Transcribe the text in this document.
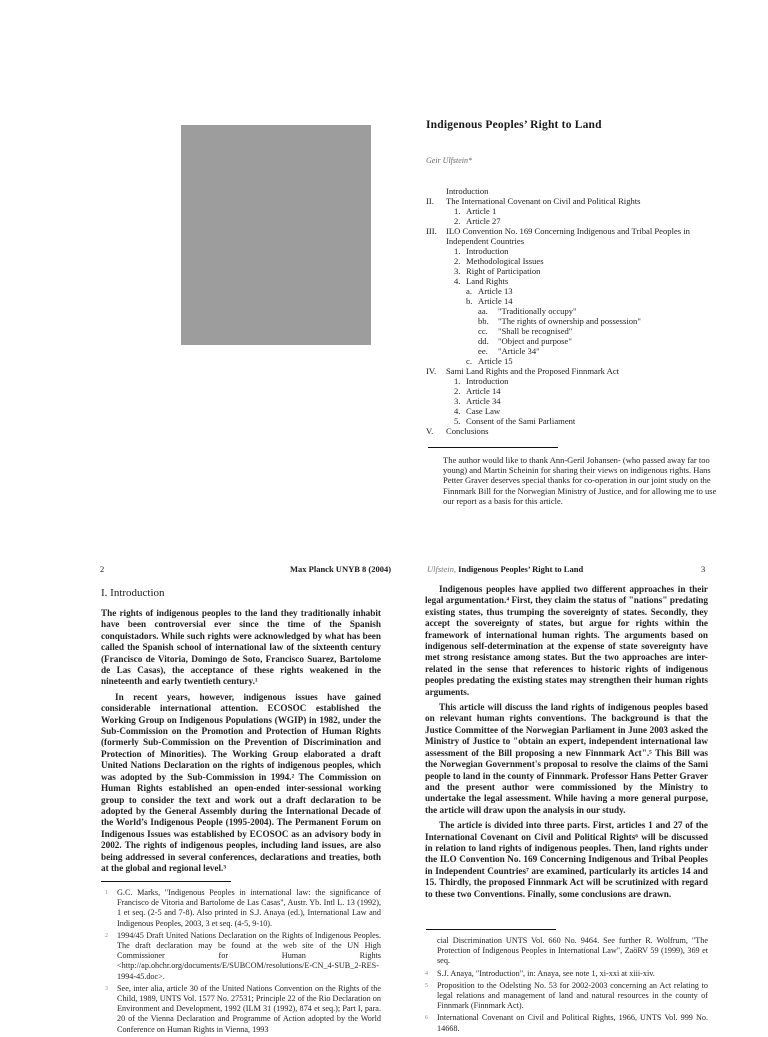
Indigenous Peoples’ Right to Land
Geir Ulfstein*
Introduction
II.	The International Covenant on Civil and Political Rights
1. Article 1
2. Article 27
III.	ILO Convention No. 169 Concerning Indigenous and Tribal Peoples in
Independent Countries
1. Introduction
2. Methodological Issues
3. Right of Participation
4. Land Rights
a. Article 13
b. Article 14
aa.	"Traditionally occupy"
bb.	"The rights of ownership and possession"
cc.	"Shall be recognised"
dd.	"Object and purpose"
ee.	"Article 34"
c. Article 15
IV.	Sami Land Rights and the Proposed Finnmark Act
1. Introduction
2. Article 14
3. Article 34
4. Case Law
5. Consent of the Sami Parliament
V.	Conclusions
The author would like to thank Ann-Geril Johansen- (who passed away far too young) and Martin Scheinin for sharing their views on indigenous rights. Hans Petter Graver deserves special thanks for co-operation in our joint study on the Finnmark Bill for the Norwegian Ministry of Justice, and for allowing me to use our report as a basis for this article.
2	Max Planck UNYB 8 (2004)
I. Introduction

The rights of indigenous peoples to the land they traditionally inhabit have been controversial ever since the time of the Spanish conquistadors. While such rights were acknowledged by what has been called the Spanish school of international law of the sixteenth century (Francisco de Vitoria, Domingo de Soto, Francisco Suarez, Bartolome de Las Casas), the acceptance of these rights weakened in the nineteenth and early twentieth century.¹

In recent years, however, indigenous issues have gained considerable international attention. ECOSOC established the Working Group on Indigenous Populations (WGIP) in 1982, under the Sub-Commission on the Promotion and Protection of Human Rights (formerly Sub-Commission on the Prevention of Discrimination and Protection of Minorities). The Working Group elaborated a draft United Nations Declaration on the rights of indigenous peoples, which was adopted by the Sub-Commission in 1994.² The Commission on Human Rights established an open-ended inter-sessional working group to consider the text and work out a draft declaration to be adopted by the General Assembly during the International Decade of the World’s Indigenous People (1995-2004). The Permanent Forum on Indigenous Issues was established by ECOSOC as an advisory body in 2002. The rights of indigenous peoples, including land issues, are also being addressed in several conferences, declarations and treaties, both at the global and regional level.³

1	G.C. Marks, "Indigenous Peoples in international law: the significance of Francisco de Vitoria and Bartolome de Las Casas", Austr. Yb. Intl L. 13 (1992), 1 et seq. (2-5 and 7-8). Also printed in S.J. Anaya (ed.), International Law and Indigenous Peoples, 2003, 3 et seq. (4-5, 9-10).
2	1994/45 Draft United Nations Declaration on the Rights of Indigenous Peoples. The draft declaration may be found at the web site of the UN High Commissioner for Human Rights <http://ap.ohchr.org/documents/E/SUBCOM/resolutions/E-CN_4-SUB_2-RES-1994-45.doc>.
3	See, inter alia, article 30 of the United Nations Convention on the Rights of the Child, 1989, UNTS Vol. 1577 No. 27531; Principle 22 of the Rio Declaration on Environment and Development, 1992 (ILM 31 (1992), 874 et seq.); Part I, para. 20 of the Vienna Declaration and Programme of Action adopted by the World Conference on Human Rights in Vienna, 1993
Ulfstein, Indigenous Peoples’ Right to Land	3

Indigenous peoples have applied two different approaches in their legal argumentation.⁴ First, they claim the status of "nations" predating existing states, thus trumping the sovereignty of states. Secondly, they accept the sovereignty of states, but argue for rights within the framework of international human rights. The arguments based on indigenous self-determination at the expense of state sovereignty have met strong resistance among states. But the two approaches are inter-related in the sense that references to historic rights of indigenous peoples predating the existing states may strengthen their human rights arguments.

This article will discuss the land rights of indigenous peoples based on relevant human rights conventions. The background is that the Justice Committee of the Norwegian Parliament in June 2003 asked the Ministry of Justice to "obtain an expert, independent international law assessment of the Bill proposing a new Finnmark Act".⁵ This Bill was the Norwegian Government's proposal to resolve the claims of the Sami people to land in the county of Finnmark. Professor Hans Petter Graver and the present author were commissioned by the Ministry to undertake the legal assessment. While having a more general purpose, the article will draw upon the analysis in our study.

The article is divided into three parts. First, articles 1 and 27 of the International Covenant on Civil and Political Rights⁶ will be discussed in relation to land rights of indigenous peoples. Then, land rights under the ILO Convention No. 169 Concerning Indigenous and Tribal Peoples in Independent Countries⁷ are examined, particularly its articles 14 and 15. Thirdly, the proposed Finnmark Act will be scrutinized with regard to these two Conventions. Finally, some conclusions are drawn.

cial Discrimination UNTS Vol. 660 No. 9464. See further R. Wolfrum, "The Protection of Indigenous Peoples in International Law", ZaöRV 59 (1999), 369 et seq.
4	S.J. Anaya, "Introduction", in: Anaya, see note 1, xi-xxi at xiii-xiv.
5	Proposition to the Odelsting No. 53 for 2002-2003 concerning an Act relating to legal relations and management of land and natural resources in the county of Finnmark (Finnmark Act).
6	International Covenant on Civil and Political Rights, 1966, UNTS Vol. 999 No. 14668.
